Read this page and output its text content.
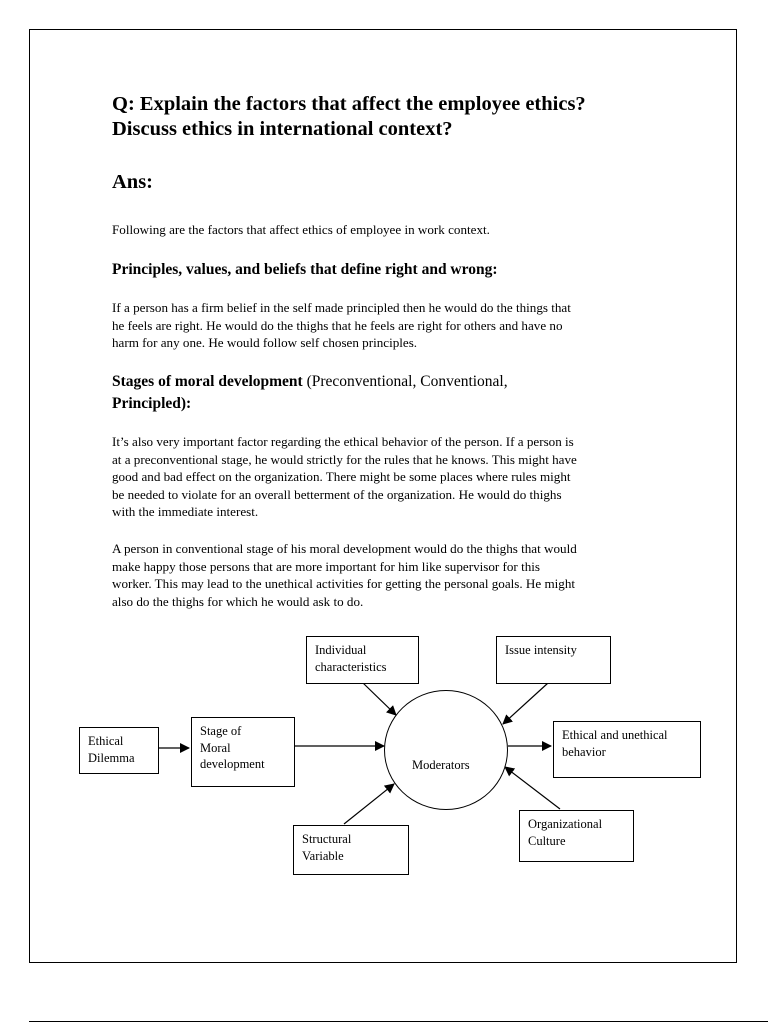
Q: Explain the factors that affect the employee ethics?
Discuss ethics in international context?
Ans:
Following are the factors that affect ethics of employee in work context.
Principles, values, and beliefs that define right and wrong:
If a person has a firm belief in the self made principled then he would do the things that
he feels are right. He would do the thighs that he feels are right for others and have no
harm for any one. He would follow self chosen principles.
Stages of moral development (Preconventional, Conventional,
Principled):
It’s also very important factor regarding the ethical behavior of the person. If a person is
at a preconventional stage, he would strictly for the rules that he knows. This might have
good and bad effect on the organization. There might be some places where rules might
be needed to violate for an overall betterment of the organization. He would do thighs
with the immediate interest.
A person in conventional stage of his moral development would do the thighs that would
make happy those persons that are more important for him like supervisor for this
worker. This may lead to the unethical activities for getting the personal goals. He might
also do the thighs for which he would ask to do.
Ethical
Dilemma
Stage of
Moral
development
Individual
characteristics
Issue intensity
Moderators
Ethical and unethical
behavior
Structural
Variable
Organizational
Culture
